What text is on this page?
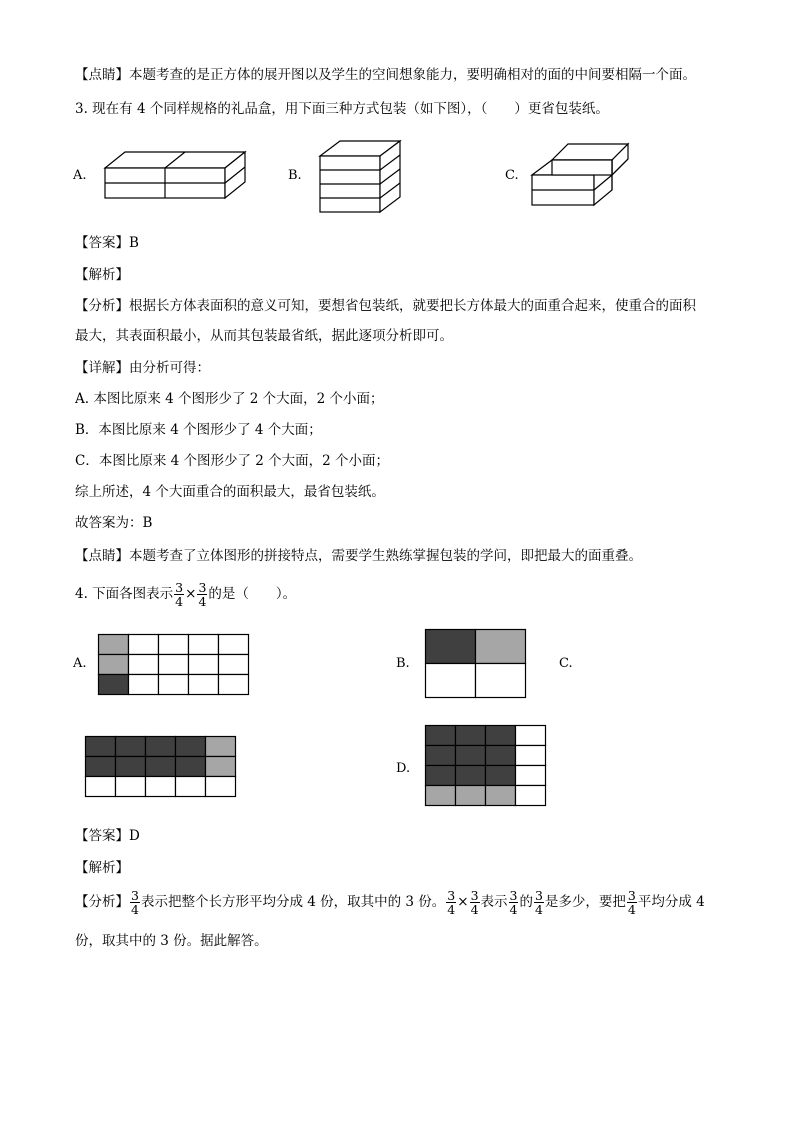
【点睛】本题考查的是正方体的展开图以及学生的空间想象能力，要明确相对的面的中间要相隔一个面。
3. 现在有 4 个同样规格的礼品盒，用下面三种方式包装（如下图），（　　）更省包装纸。
A.	B.	C.
【答案】B
【解析】
【分析】根据长方体表面积的意义可知，要想省包装纸，就要把长方体最大的面重合起来，使重合的面积
最大，其表面积最小，从而其包装最省纸，据此逐项分析即可。
【详解】由分析可得：
A. 本图比原来 4 个图形少了 2 个大面，2 个小面；
B．本图比原来 4 个图形少了 4 个大面；
C．本图比原来 4 个图形少了 2 个大面，2 个小面；
综上所述，4 个大面重合的面积最大，最省包装纸。
故答案为：B
【点睛】本题考查了立体图形的拼接特点，需要学生熟练掌握包装的学问，即把最大的面重叠。
4. 下面各图表示 $\frac{3}{4} \times \frac{3}{4}$ 的是（　　）。
A.	B.	C.
D.
【答案】D
【解析】
【分析】 $\frac{3}{4}$ 表示把整个长方形平均分成 4 份，取其中的 3 份。 $\frac{3}{4} \times \frac{3}{4}$ 表示 $\frac{3}{4}$ 的 $\frac{3}{4}$ 是多少，要把 $\frac{3}{4}$ 平均分成 4
份，取其中的 3 份。据此解答。
